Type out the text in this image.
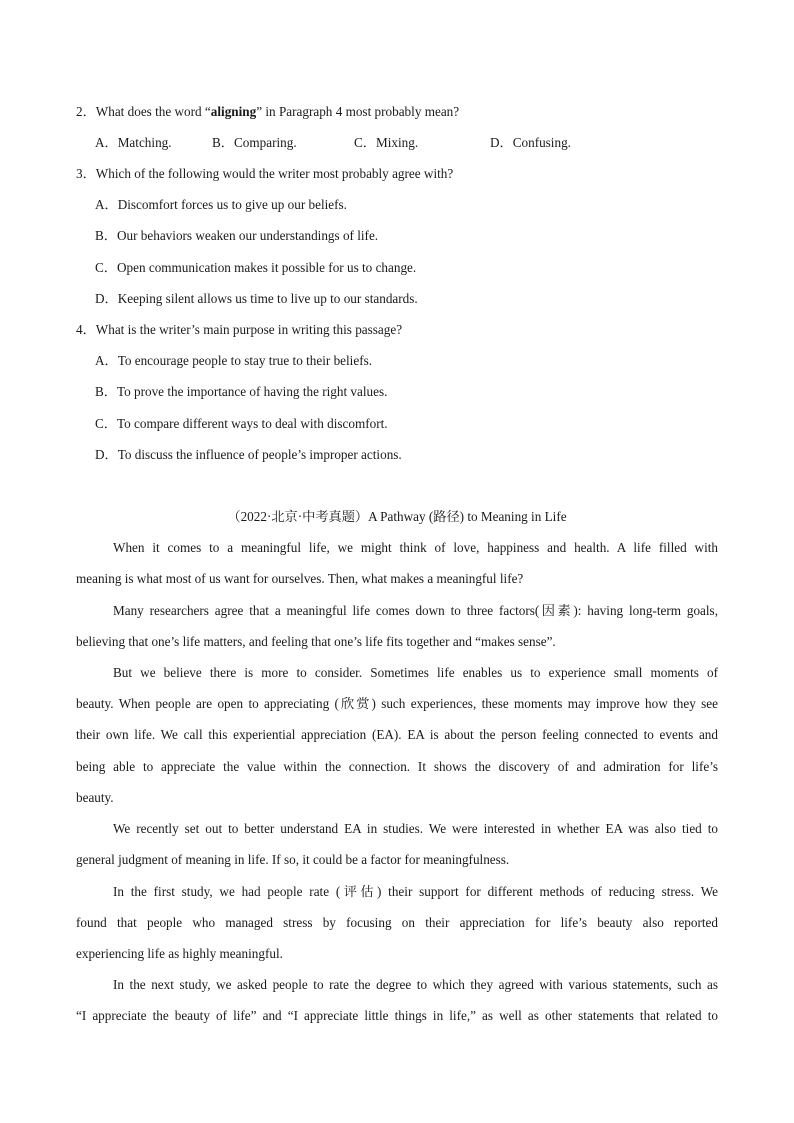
2．What does the word “aligning” in Paragraph 4 most probably mean?
A．Matching.	B．Comparing.	C．Mixing.	D．Confusing.
3．Which of the following would the writer most probably agree with?
A．Discomfort forces us to give up our beliefs.
B．Our behaviors weaken our understandings of life.
C．Open communication makes it possible for us to change.
D．Keeping silent allows us time to live up to our standards.
4．What is the writer’s main purpose in writing this passage?
A．To encourage people to stay true to their beliefs.
B．To prove the importance of having the right values.
C．To compare different ways to deal with discomfort.
D．To discuss the influence of people’s improper actions.
（2022·北京·中考真题）A Pathway (路径) to Meaning in Life
When it comes to a meaningful life, we might think of love, happiness and health. A life filled with
meaning is what most of us want for ourselves. Then, what makes a meaningful life?
Many researchers agree that a meaningful life comes down to three factors(因素): having long-term goals,
believing that one’s life matters, and feeling that one’s life fits together and “makes sense”.
But we believe there is more to consider. Sometimes life enables us to experience small moments of
beauty. When people are open to appreciating (欣赏) such experiences, these moments may improve how they see
their own life. We call this experiential appreciation (EA). EA is about the person feeling connected to events and
being able to appreciate the value within the connection. It shows the discovery of and admiration for life’s
beauty.
We recently set out to better understand EA in studies. We were interested in whether EA was also tied to
general judgment of meaning in life. If so, it could be a factor for meaningfulness.
In the first study, we had people rate (评估) their support for different methods of reducing stress. We
found that people who managed stress by focusing on their appreciation for life’s beauty also reported
experiencing life as highly meaningful.
In the next study, we asked people to rate the degree to which they agreed with various statements, such as
“I appreciate the beauty of life” and “I appreciate little things in life,” as well as other statements that related to
